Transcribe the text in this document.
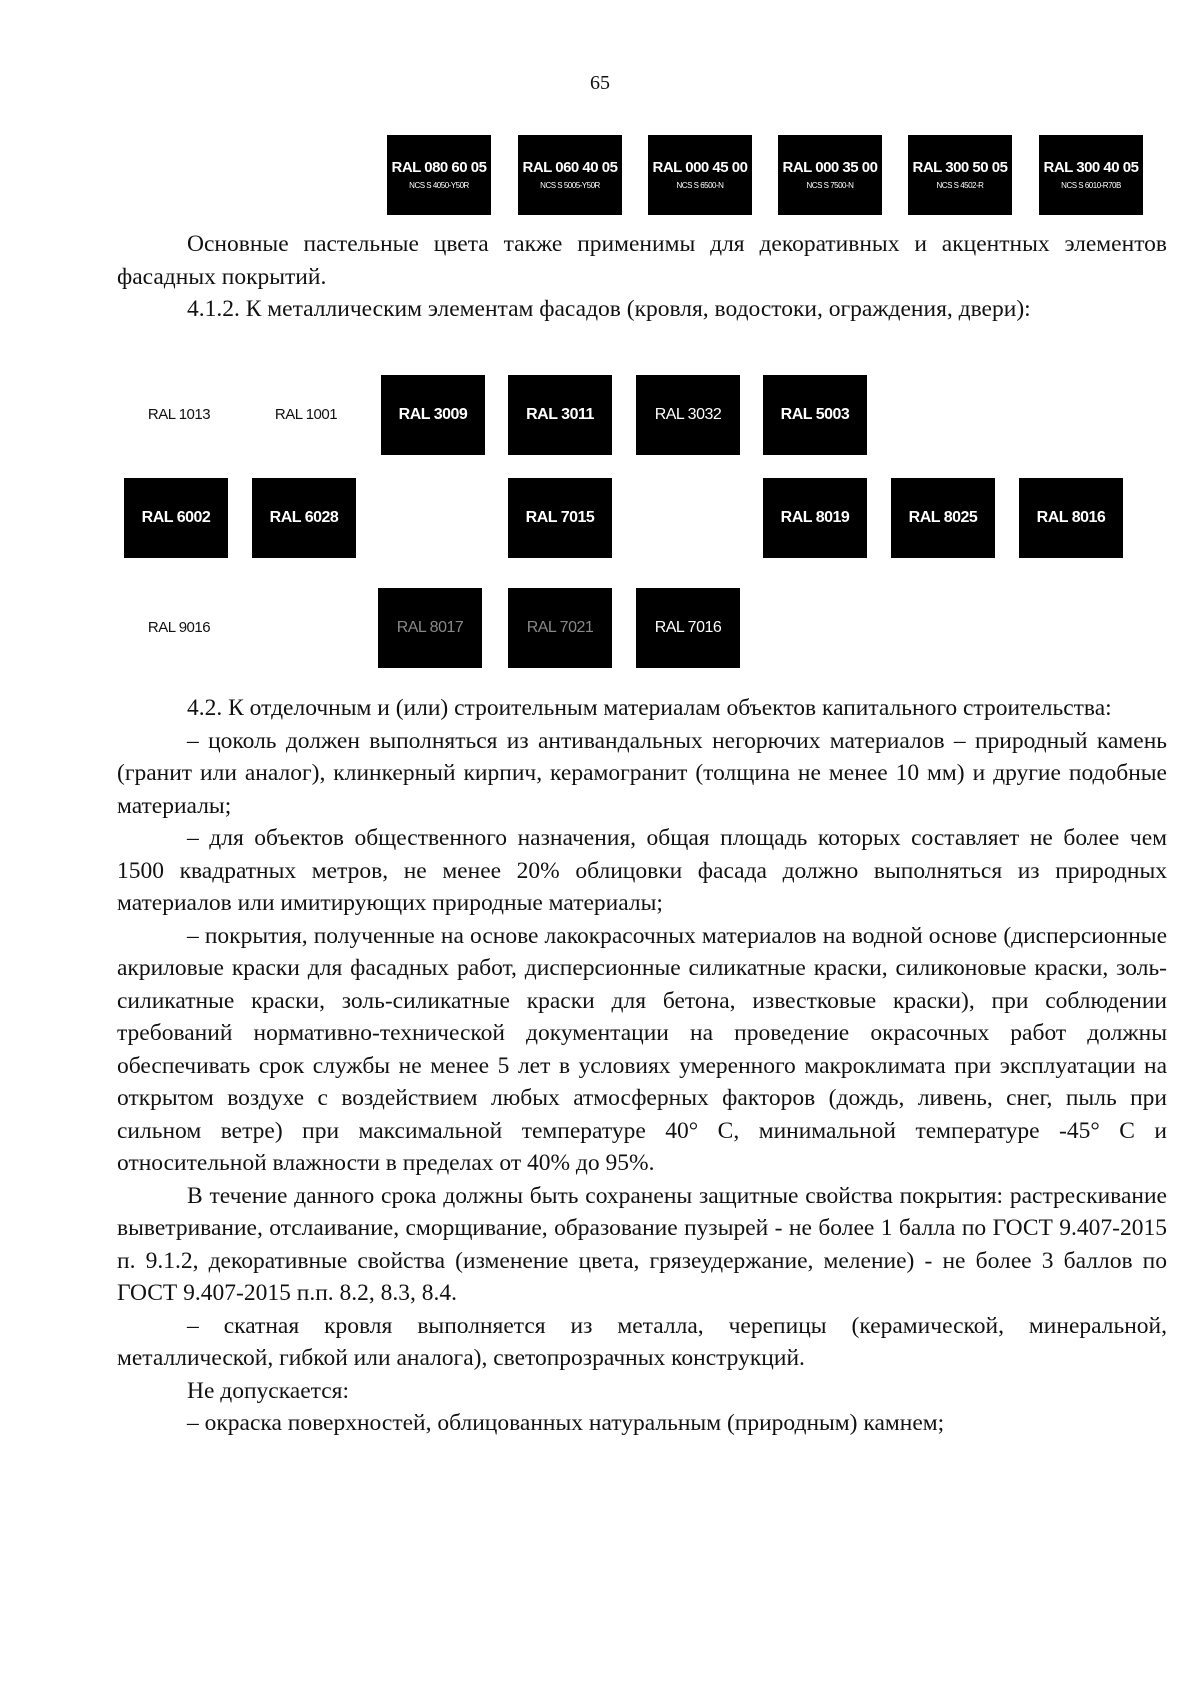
65
RAL 080 60 05
NCS S 4050-Y50R
RAL 060 40 05
NCS S 5005-Y50R
RAL 000 45 00
NCS S 6500-N
RAL 000 35 00
NCS S 7500-N
RAL 300 50 05
NCS S 4502-R
RAL 300 40 05
NCS S 6010-R70B

Основные пастельные цвета также применимы для декоративных и акцентных элементов фасадных покрытий.

4.1.2. К металлическим элементам фасадов (кровля, водостоки, ограждения, двери):

RAL 1013	RAL 1001	RAL 3009	RAL 3011	RAL 3032	RAL 5003
RAL 6002	RAL 6028	RAL 7015	RAL 8019	RAL 8025	RAL 8016
RAL 9016	RAL 8017	RAL 7021	RAL 7016

4.2. К отделочным и (или) строительным материалам объектов капитального строительства:

– цоколь должен выполняться из антивандальных негорючих материалов – природный камень (гранит или аналог), клинкерный кирпич, керамогранит (толщина не менее 10 мм) и другие подобные материалы;

– для объектов общественного назначения, общая площадь которых составляет не более чем 1500 квадратных метров, не менее 20% облицовки фасада должно выполняться из природных материалов или имитирующих природные материалы;

– покрытия, полученные на основе лакокрасочных материалов на водной основе (дисперсионные акриловые краски для фасадных работ, дисперсионные силикатные краски, силиконовые краски, золь-силикатные краски, золь-силикатные краски для бетона, известковые краски), при соблюдении требований нормативно-технической документации на проведение окрасочных работ должны обеспечивать срок службы не менее 5 лет в условиях умеренного макроклимата при эксплуатации на открытом воздухе с воздействием любых атмосферных факторов (дождь, ливень, снег, пыль при сильном ветре) при максимальной температуре 40° С, минимальной температуре -45° С и относительной влажности в пределах от 40% до 95%.

В течение данного срока должны быть сохранены защитные свойства покрытия: растрескивание выветривание, отслаивание, сморщивание, образование пузырей - не более 1 балла по ГОСТ 9.407-2015 п. 9.1.2, декоративные свойства (изменение цвета, грязеудержание, меление) - не более 3 баллов по ГОСТ 9.407-2015 п.п. 8.2, 8.3, 8.4.

– скатная кровля выполняется из металла, черепицы (керамической, минеральной, металлической, гибкой или аналога), светопрозрачных конструкций.

Не допускается:

– окраска поверхностей, облицованных натуральным (природным) камнем;
